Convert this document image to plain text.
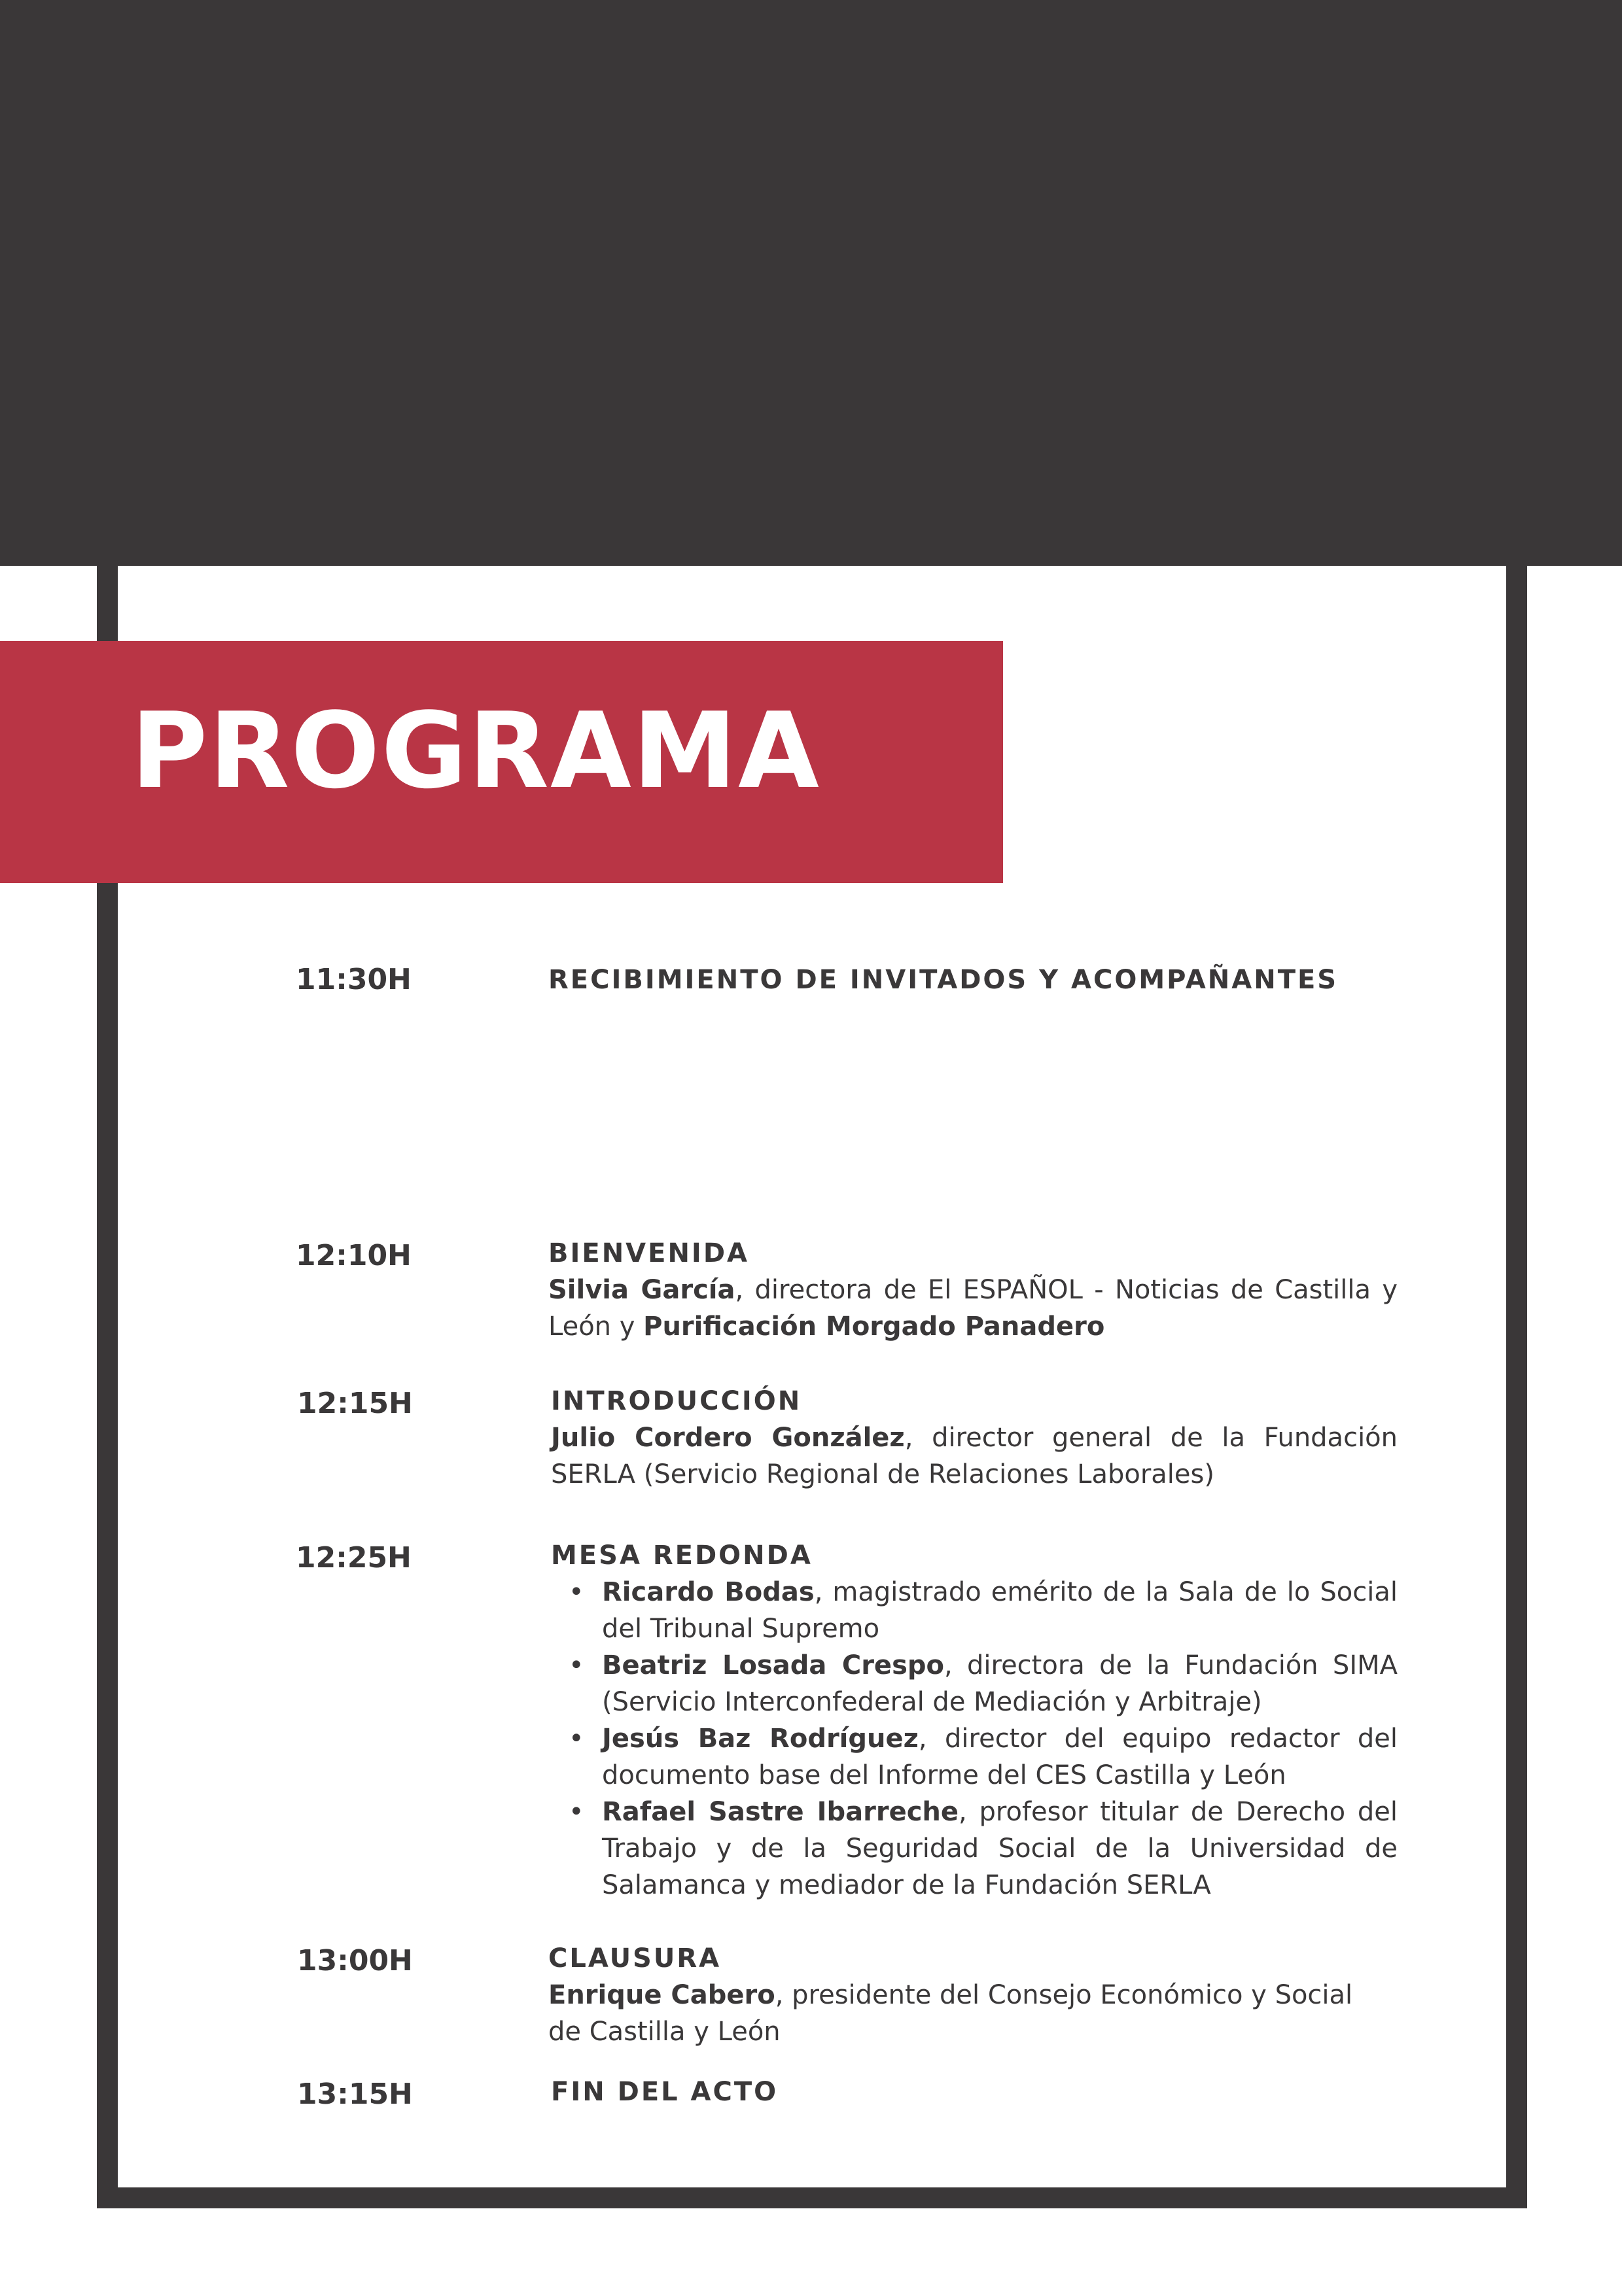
PROGRAMA
11:30H	RECIBIMIENTO DE INVITADOS Y ACOMPAÑANTES
12:10H	BIENVENIDA
Silvia García, directora de El ESPAÑOL - Noticias de Castilla y León y Purificación Morgado Panadero
12:15H	INTRODUCCIÓN
Julio Cordero González, director general de la Fundación SERLA (Servicio Regional de Relaciones Laborales)
12:25H	MESA REDONDA
• Ricardo Bodas, magistrado emérito de la Sala de lo Social del Tribunal Supremo
• Beatriz Losada Crespo, directora de la Fundación SIMA (Servicio Interconfederal de Mediación y Arbitraje)
• Jesús Baz Rodríguez, director del equipo redactor del documento base del Informe del CES Castilla y León
• Rafael Sastre Ibarreche, profesor titular de Derecho del Trabajo y de la Seguridad Social de la Universidad de Salamanca y mediador de la Fundación SERLA
13:00H	CLAUSURA
Enrique Cabero, presidente del Consejo Económico y Social de Castilla y León
13:15H	FIN DEL ACTO
